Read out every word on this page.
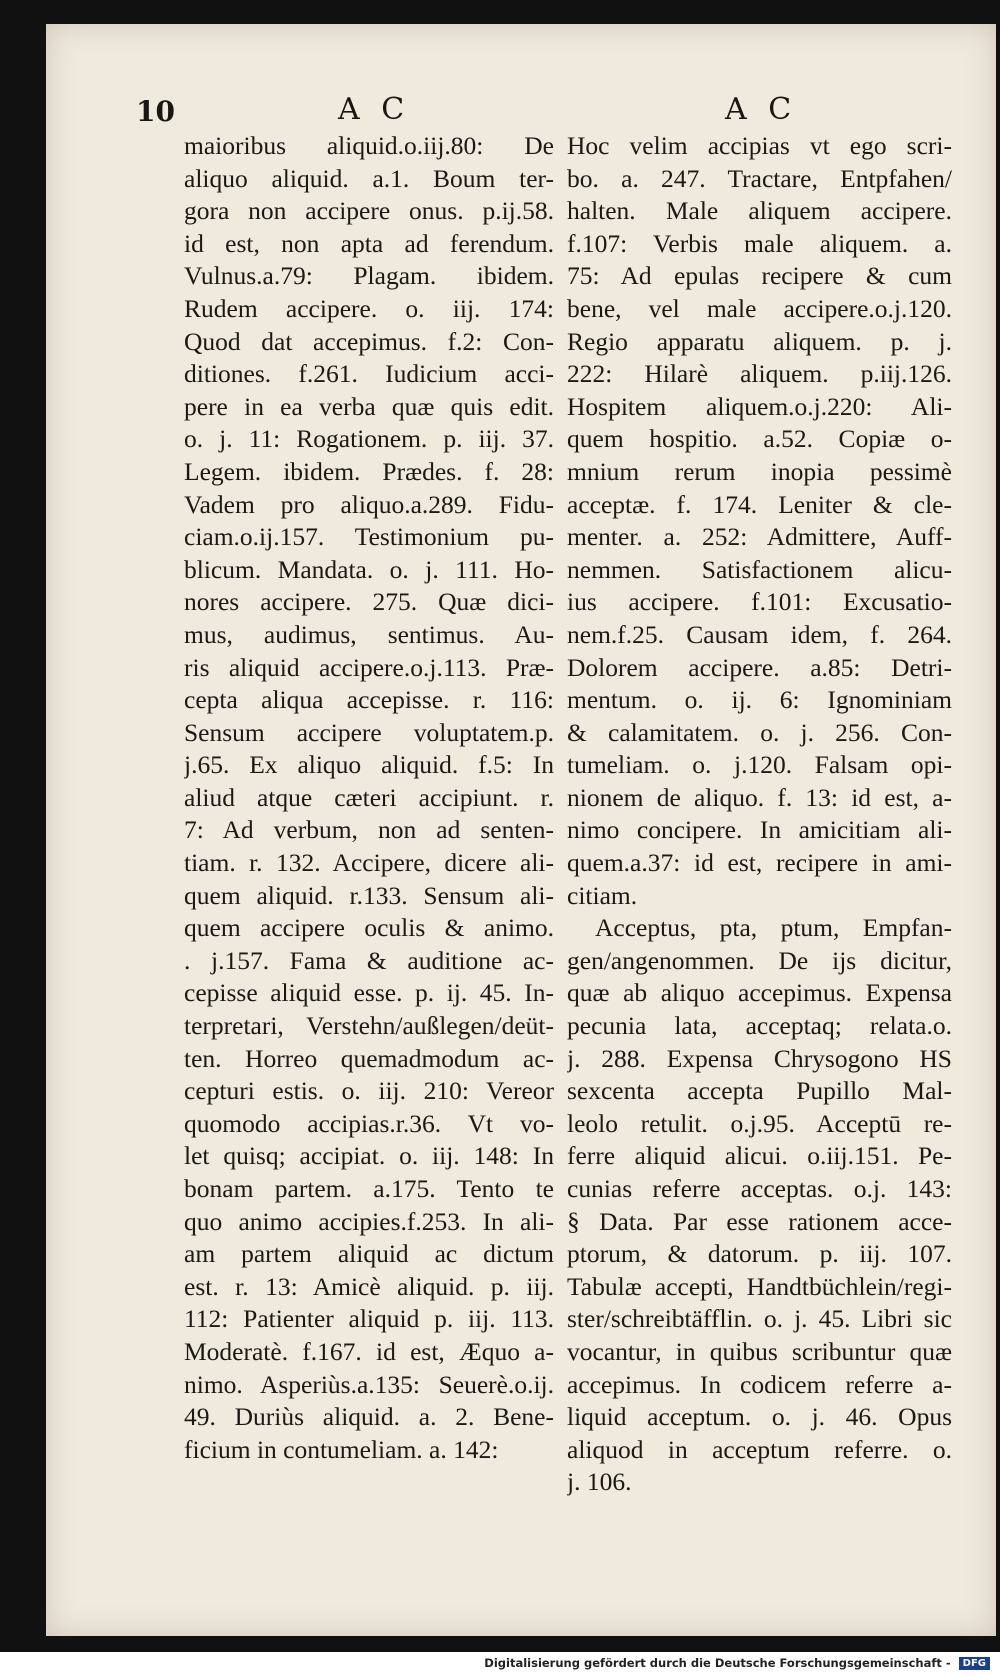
10	A C	A C
maioribus aliquid.o.iij.80: De
aliquo aliquid. a.1. Boum ter-
gora non accipere onus. p.ij.58.
id est, non apta ad ferendum.
Vulnus.a.79: Plagam. ibidem.
Rudem accipere. o. iij. 174:
Quod dat accepimus. f.2: Con-
ditiones. f.261. Iudicium acci-
pere in ea verba quæ quis edit.
o. j. 11: Rogationem. p. iij. 37.
Legem. ibidem. Prædes. f. 28:
Vadem pro aliquo.a.289. Fidu-
ciam.o.ij.157. Testimonium pu-
blicum. Mandata. o. j. 111. Ho-
nores accipere. 275. Quæ dici-
mus, audimus, sentimus. Au-
ris aliquid accipere.o.j.113. Præ-
cepta aliqua accepisse. r. 116:
Sensum accipere voluptatem.p.
j.65. Ex aliquo aliquid. f.5: In
aliud atque cæteri accipiunt. r.
7: Ad verbum, non ad senten-
tiam. r. 132. Accipere, dicere ali-
quem aliquid. r.133. Sensum ali-
quem accipere oculis & animo.
. j.157. Fama & auditione ac-
cepisse aliquid esse. p. ij. 45. In-
terpretari, Verstehn/außlegen/deüt-
ten. Horreo quemadmodum ac-
cepturi estis. o. iij. 210: Vereor
quomodo accipias.r.36. Vt vo-
let quisq; accipiat. o. iij. 148: In
bonam partem. a.175. Tento te
quo animo accipies.f.253. In ali-
am partem aliquid ac dictum
est. r. 13: Amicè aliquid. p. iij.
112: Patienter aliquid p. iij. 113.
Moderatè. f.167. id est, Æquo a-
nimo. Asperiùs.a.135: Seuerè.o.ij.
49. Duriùs aliquid. a. 2. Bene-
ficium in contumeliam. a. 142:
Hoc velim accipias vt ego scri-
bo. a. 247. Tractare, Entpfahen/
halten. Male aliquem accipere.
f.107: Verbis male aliquem. a.
75: Ad epulas recipere & cum
bene, vel male accipere.o.j.120.
Regio apparatu aliquem. p. j.
222: Hilarè aliquem. p.iij.126.
Hospitem aliquem.o.j.220: Ali-
quem hospitio. a.52. Copiæ o-
mnium rerum inopia pessimè
acceptæ. f. 174. Leniter & cle-
menter. a. 252: Admittere, Auff-
nemmen. Satisfactionem alicu-
ius accipere. f.101: Excusatio-
nem.f.25. Causam idem, f. 264.
Dolorem accipere. a.85: Detri-
mentum. o. ij. 6: Ignominiam
& calamitatem. o. j. 256. Con-
tumeliam. o. j.120. Falsam opi-
nionem de aliquo. f. 13: id est, a-
nimo concipere. In amicitiam ali-
quem.a.37: id est, recipere in ami-
citiam.
Acceptus, pta, ptum, Empfan-
gen/angenommen. De ijs dicitur,
quæ ab aliquo accepimus. Expensa
pecunia lata, acceptaq; relata.o.
j. 288. Expensa Chrysogono HS
sexcenta accepta Pupillo Mal-
leolo retulit. o.j.95. Acceptū re-
ferre aliquid alicui. o.iij.151. Pe-
cunias referre acceptas. o.j. 143:
§ Data. Par esse rationem acce-
ptorum, & datorum. p. iij. 107.
Tabulæ accepti, Handtbüchlein/regi-
ster/schreibtäfflin. o. j. 45. Libri sic
vocantur, in quibus scribuntur quæ
accepimus. In codicem referre a-
liquid acceptum. o. j. 46. Opus
aliquod in acceptum referre. o.
j. 106.
Digitalisierung gefördert durch die Deutsche Forschungsgemeinschaft - DFG
